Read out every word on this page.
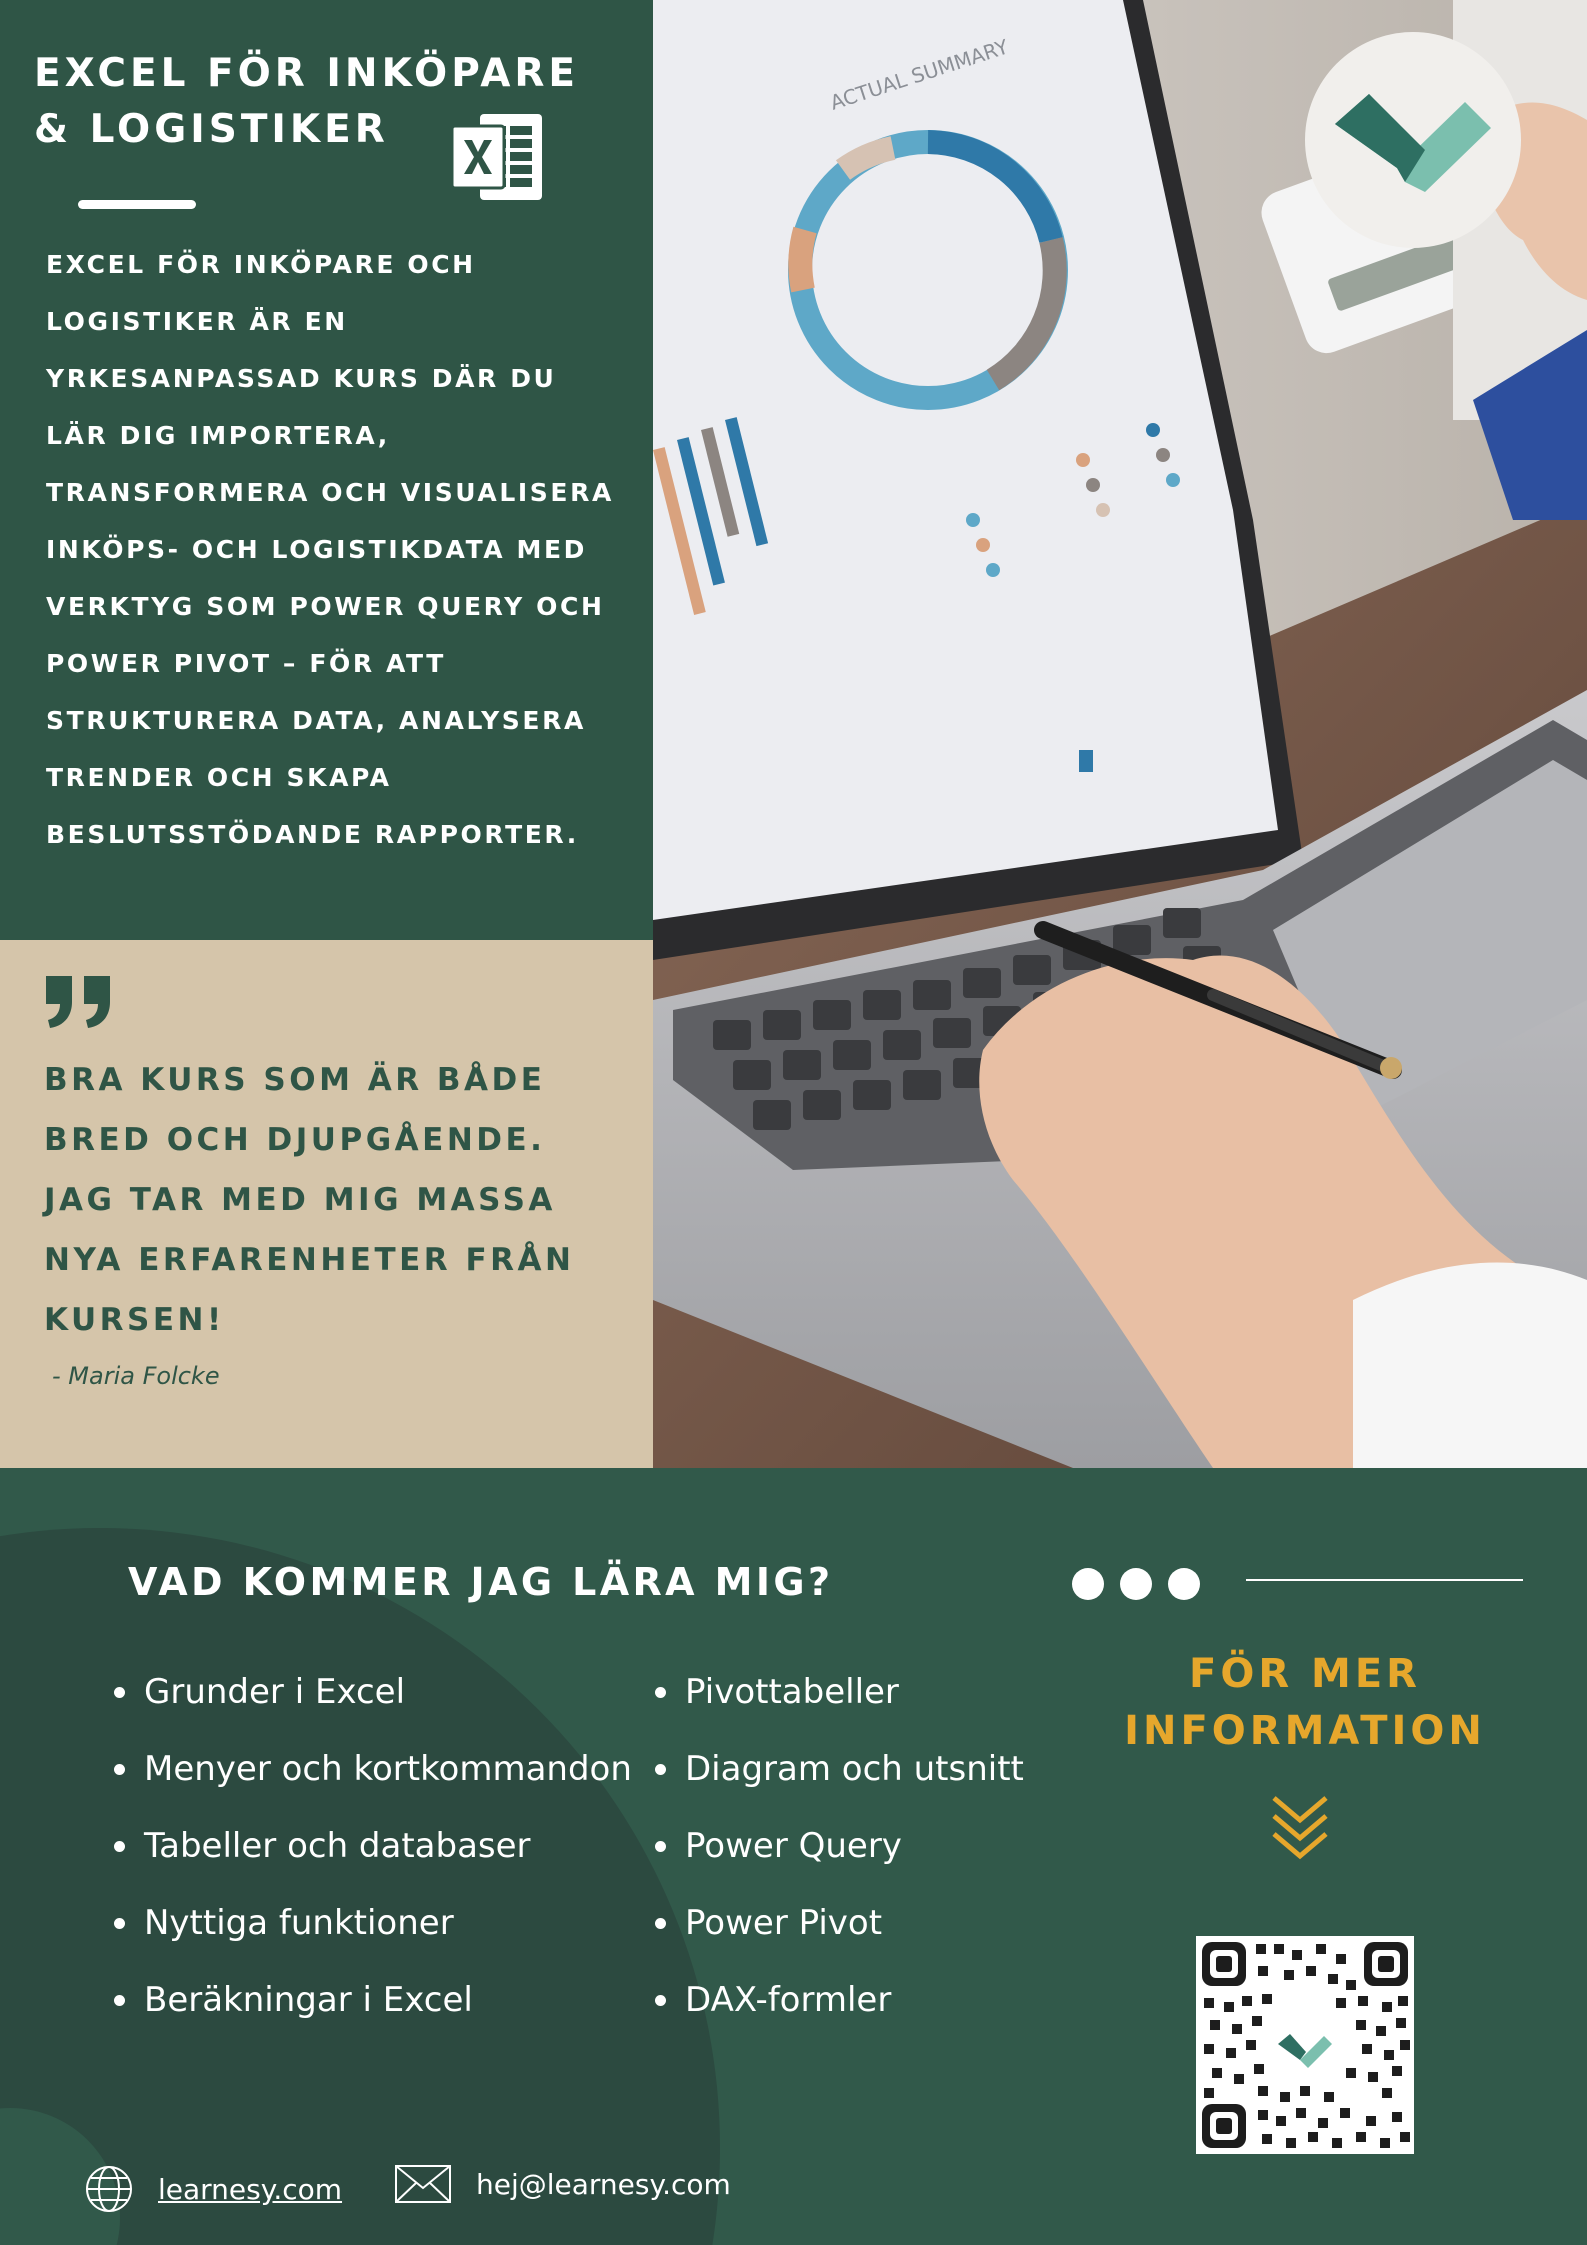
EXCEL FÖR INKÖPARE & LOGISTIKER

EXCEL FÖR INKÖPARE OCH LOGISTIKER ÄR EN YRKESANPASSAD KURS DÄR DU LÄR DIG IMPORTERA, TRANSFORMERA OCH VISUALISERA INKÖPS- OCH LOGISTIKDATA MED VERKTYG SOM POWER QUERY OCH POWER PIVOT – FÖR ATT STRUKTURERA DATA, ANALYSERA TRENDER OCH SKAPA BESLUTSSTÖDANDE RAPPORTER.

BRA KURS SOM ÄR BÅDE BRED OCH DJUPGÅENDE. JAG TAR MED MIG MASSA NYA ERFARENHETER FRÅN KURSEN!

- Maria Folcke

ACTUAL SUMMARY
VAD KOMMER JAG LÄRA MIG?
Grunder i Excel
Menyer och kortkommandon
Tabeller och databaser
Nyttiga funktioner
Beräkningar i Excel
Pivottabeller
Diagram och utsnitt
Power Query
Power Pivot
DAX-formler

FÖR MER INFORMATION

learnesy.com	hej@learnesy.com
